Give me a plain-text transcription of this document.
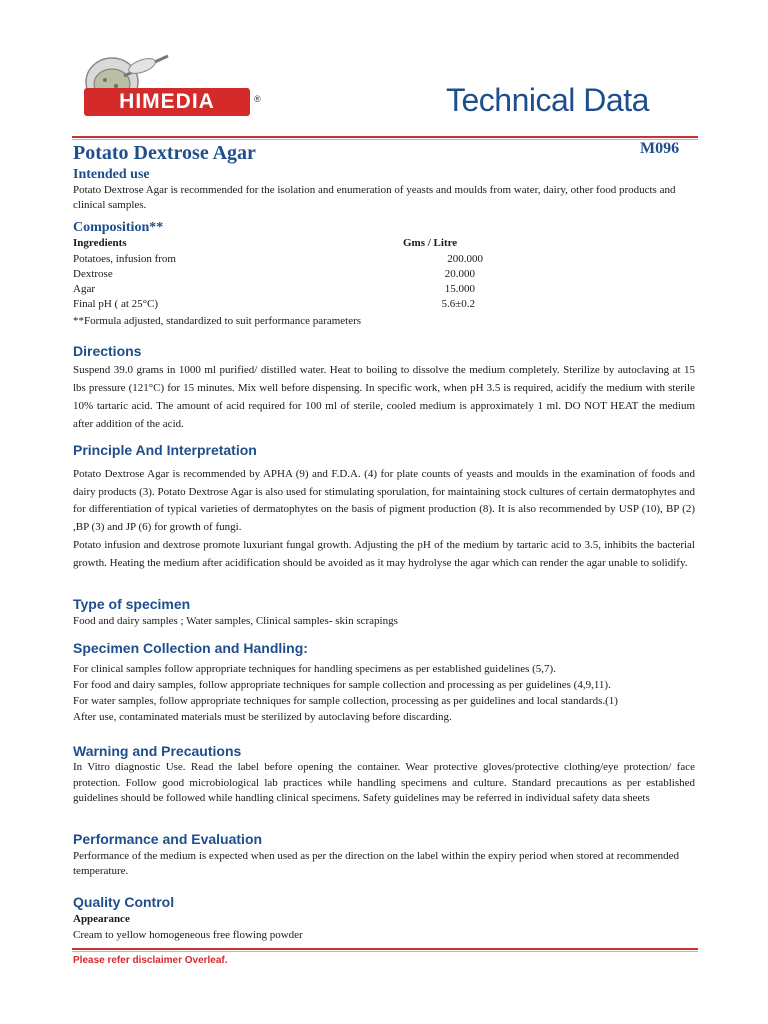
HIMEDIA	®	Technical Data
M096
Potato Dextrose Agar
Intended use

Potato Dextrose Agar is recommended for the isolation and enumeration of yeasts and moulds from water, dairy, other food products and clinical samples.

Composition**
Ingredients	Gms / Litre
Potatoes, infusion from	200.000
Dextrose	20.000
Agar	15.000
Final pH ( at 25°C)	5.6±0.2
**Formula adjusted, standardized to suit performance parameters
Directions

Suspend 39.0 grams in 1000 ml purified/ distilled water. Heat to boiling to dissolve the medium completely. Sterilize by autoclaving at 15 lbs pressure (121°C) for 15 minutes. Mix well before dispensing. In specific work, when pH 3.5 is required, acidify the medium with sterile 10% tartaric acid. The amount of acid required for 100 ml of sterile, cooled medium is approximately 1 ml. DO NOT HEAT the medium after addition of the acid.

Principle And Interpretation

Potato Dextrose Agar is recommended by APHA (9) and F.D.A. (4) for plate counts of yeasts and moulds in the examination of foods and dairy products (3). Potato Dextrose Agar is also used for stimulating sporulation, for maintaining stock cultures of certain dermatophytes and for differentiation of typical varieties of dermatophytes on the basis of pigment production (8). It is also recommended by USP (10), BP (2) ,BP (3) and JP (6) for growth of fungi.

Potato infusion and dextrose promote luxuriant fungal growth. Adjusting the pH of the medium by tartaric acid to 3.5, inhibits the bacterial growth. Heating the medium after acidification should be avoided as it may hydrolyse the agar which can render the agar unable to solidify.

Type of specimen
Food and dairy samples ; Water samples, Clinical samples- skin scrapings
Specimen Collection and Handling:
For clinical samples follow appropriate techniques for handling specimens as per established guidelines (5,7).
For food and dairy samples, follow appropriate techniques for sample collection and processing as per guidelines (4,9,11).
For water samples, follow appropriate techniques for sample collection, processing as per guidelines and local standards.(1)
After use, contaminated materials must be sterilized by autoclaving before discarding.
Warning and Precautions

In Vitro diagnostic Use. Read the label before opening the container. Wear protective gloves/protective clothing/eye protection/ face protection. Follow good microbiological lab practices while handling specimens and culture. Standard precautions as per established guidelines should be followed while handling clinical specimens. Safety guidelines may be referred in individual safety data sheets

Performance and Evaluation

Performance of the medium is expected when used as per the direction on the label within the expiry period when stored at recommended temperature.

Quality Control
Appearance
Cream to yellow homogeneous free flowing powder
Please refer disclaimer Overleaf.
